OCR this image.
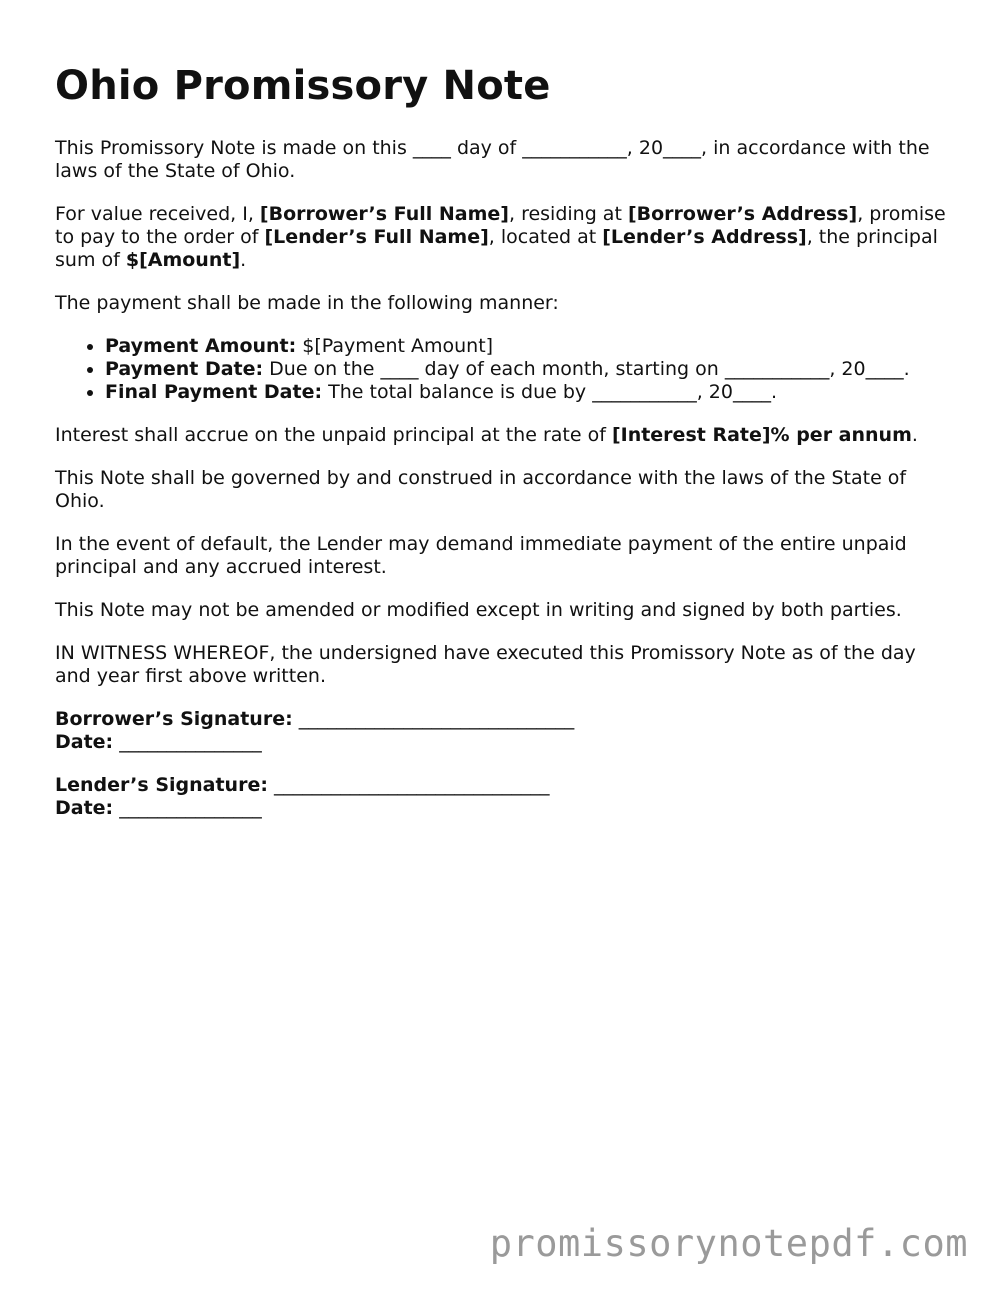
Ohio Promissory Note

This Promissory Note is made on this ____ day of ___________, 20____, in accordance with the laws of the State of Ohio.

For value received, I, [Borrower’s Full Name], residing at [Borrower’s Address], promise to pay to the order of [Lender’s Full Name], located at [Lender’s Address], the principal sum of $[Amount].

The payment shall be made in the following manner:

• Payment Amount: $[Payment Amount]
• Payment Date: Due on the ____ day of each month, starting on ___________, 20____.
• Final Payment Date: The total balance is due by ___________, 20____.

Interest shall accrue on the unpaid principal at the rate of [Interest Rate]% per annum.

This Note shall be governed by and construed in accordance with the laws of the State of Ohio.

In the event of default, the Lender may demand immediate payment of the entire unpaid principal and any accrued interest.

This Note may not be amended or modified except in writing and signed by both parties.

IN WITNESS WHEREOF, the undersigned have executed this Promissory Note as of the day and year first above written.

Borrower’s Signature: _____________________________
Date: _______________
Lender’s Signature: _____________________________
Date: _______________
promissorynotepdf.com
